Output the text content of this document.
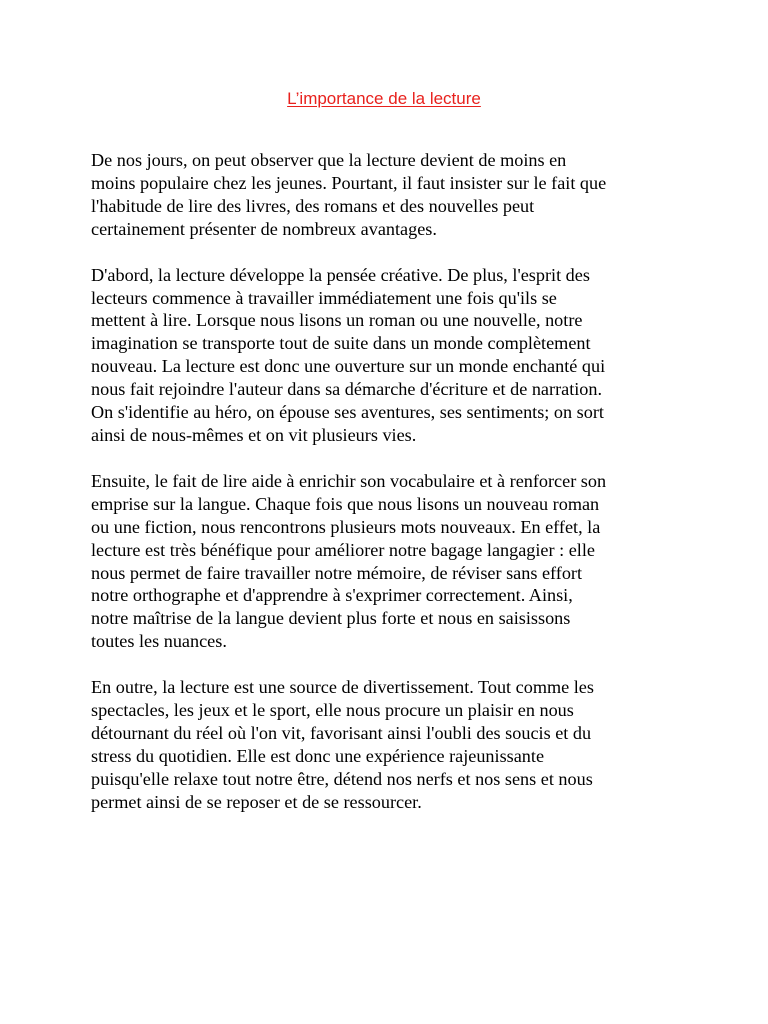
L’importance de la lecture

De nos jours, on peut observer que la lecture devient de moins en
moins populaire chez les jeunes. Pourtant, il faut insister sur le fait que
l'habitude de lire des livres, des romans et des nouvelles peut
certainement présenter de nombreux avantages.

D'abord, la lecture développe la pensée créative. De plus, l'esprit des
lecteurs commence à travailler immédiatement une fois qu'ils se
mettent à lire. Lorsque nous lisons un roman ou une nouvelle, notre
imagination se transporte tout de suite dans un monde complètement
nouveau. La lecture est donc une ouverture sur un monde enchanté qui
nous fait rejoindre l'auteur dans sa démarche d'écriture et de narration.
On s'identifie au héro, on épouse ses aventures, ses sentiments; on sort
ainsi de nous-mêmes et on vit plusieurs vies.

Ensuite, le fait de lire aide à enrichir son vocabulaire et à renforcer son
emprise sur la langue. Chaque fois que nous lisons un nouveau roman
ou une fiction, nous rencontrons plusieurs mots nouveaux. En effet, la
lecture est très bénéfique pour améliorer notre bagage langagier : elle
nous permet de faire travailler notre mémoire, de réviser sans effort
notre orthographe et d'apprendre à s'exprimer correctement. Ainsi,
notre maîtrise de la langue devient plus forte et nous en saisissons
toutes les nuances.

En outre, la lecture est une source de divertissement. Tout comme les
spectacles, les jeux et le sport, elle nous procure un plaisir en nous
détournant du réel où l'on vit, favorisant ainsi l'oubli des soucis et du
stress du quotidien. Elle est donc une expérience rajeunissante
puisqu'elle relaxe tout notre être, détend nos nerfs et nos sens et nous
permet ainsi de se reposer et de se ressourcer.
